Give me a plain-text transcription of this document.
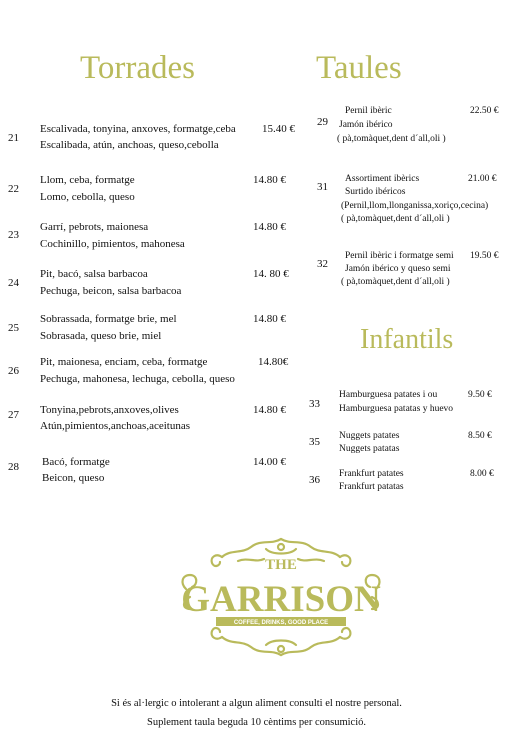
Torrades	Taules
Infantils
21
Escalivada, tonyina, anxoves, formatge,ceba
Escalibada, atún, anchoas, queso,cebolla
15.40 €
22
Llom, ceba, formatge
Lomo, cebolla, queso
14.80 €
23
Garrí, pebrots, maionesa
Cochinillo, pimientos, mahonesa
14.80 €
24
Pit, bacó, salsa barbacoa
Pechuga, beicon, salsa barbacoa
14. 80 €
25
Sobrassada, formatge brie, mel
Sobrasada, queso brie, miel
14.80 €
26
Pit, maionesa, enciam, ceba, formatge
Pechuga, mahonesa, lechuga, cebolla, queso
14.80€
27 Tonyina,pebrots,anxoves,olives
Atún,pimientos,anchoas,aceitunas
14.80 €
28 Bacó, formatge
Beicon, queso
14.00 €
29
Pernil ibèric
Jamón ibérico
( pà,tomàquet,dent d´all,oli )
22.50 €
31
Assortiment ibèrics
Surtido ibéricos
(Pernil,llom,llonganissa,xoriço,cecina)
( pà,tomàquet,dent d´all,oli )
21.00 €
32
Pernil ibèric i formatge semi
Jamón ibérico y queso semi
( pà,tomàquet,dent d´all,oli )
19.50 €
33
Hamburguesa patates i ou
Hamburguesa patatas y huevo
9.50 €
35 Nuggets patates
Nuggets patatas
8.50 €
36 Frankfurt patates
Frankfurt patatas
8.00 €
THE
GARRISON
COFFEE, DRINKS, GOOD PLACE
Si és al·lergic o intolerant a algun aliment consulti el nostre personal.
Suplement taula beguda 10 cèntims per consumició.
